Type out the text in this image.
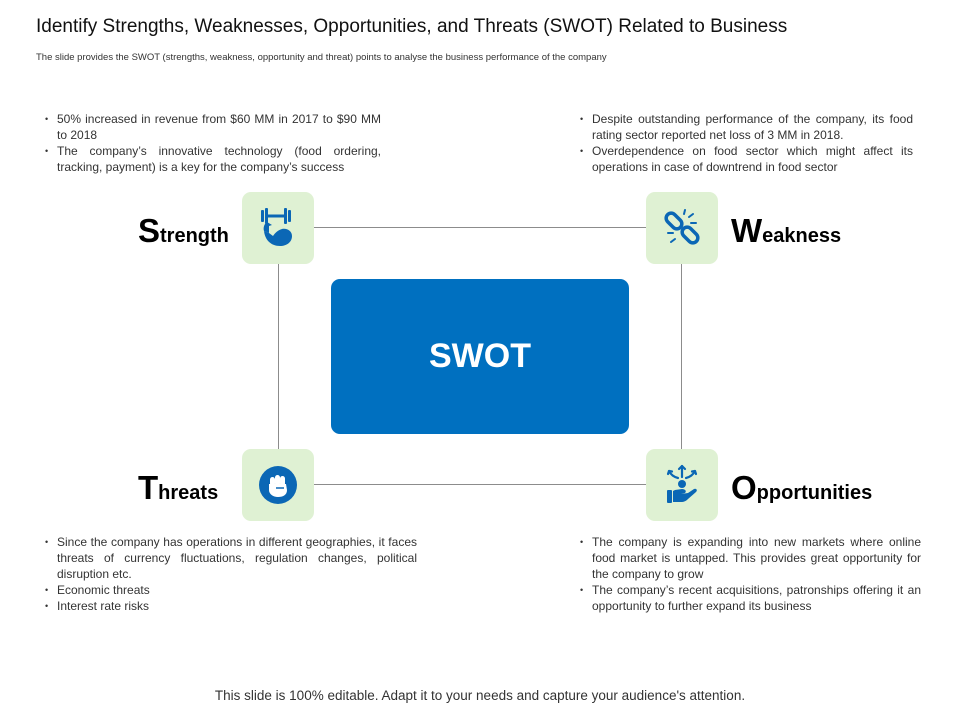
Identify Strengths, Weaknesses, Opportunities, and Threats (SWOT) Related to Business
The slide provides the SWOT (strengths, weakness, opportunity and threat) points to analyse the business performance of the company
SWOT
Strength
• 50% increased in revenue from $60 MM in 2017 to $90 MM to 2018
• The company’s innovative technology (food ordering, tracking, payment) is a key for the company’s success
Weakness
• Despite outstanding performance of the company, its food rating sector reported net loss of 3 MM in 2018.
• Overdependence on food sector which might affect its operations in case of downtrend in food sector
Threats
• Since the company has operations in different geographies, it faces threats of currency fluctuations, regulation changes, political disruption etc.
• Economic threats
• Interest rate risks
Opportunities
• The company is expanding into new markets where online food market is untapped. This provides great opportunity for the company to grow
• The company’s recent acquisitions, patronships offering it an opportunity to further expand its business
This slide is 100% editable. Adapt it to your needs and capture your audience's attention.
